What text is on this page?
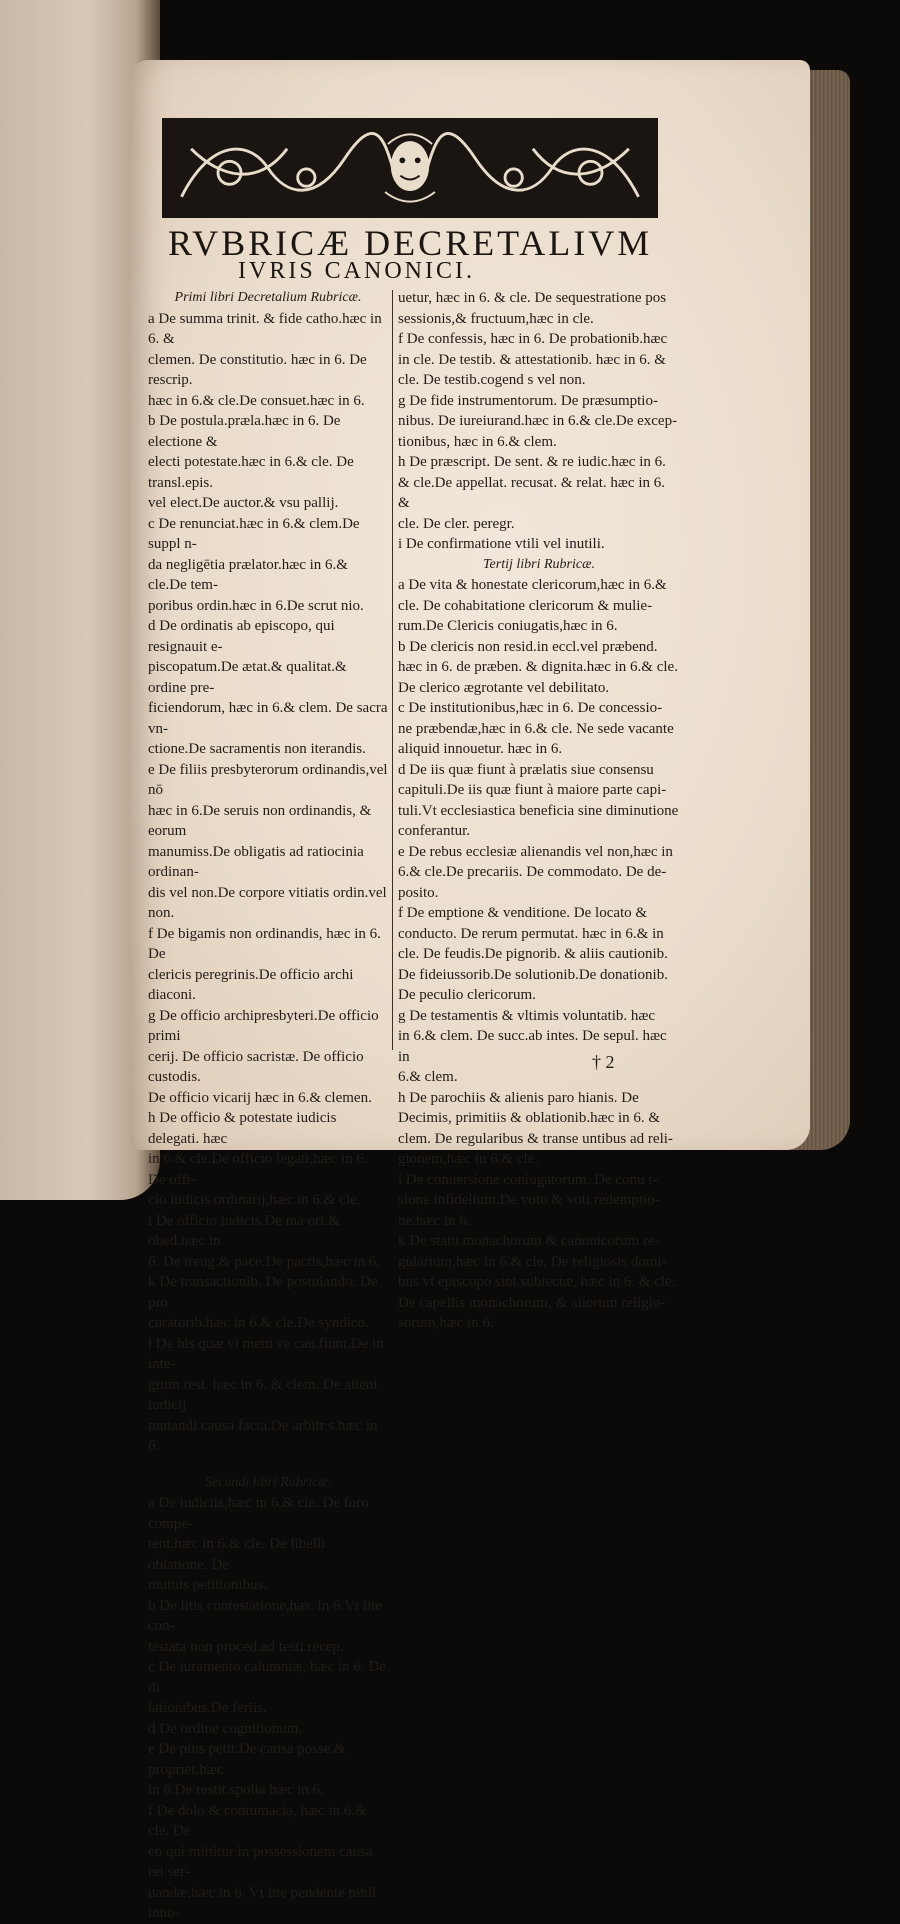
RVBRICÆ DECRETALIVM
IVRIS CANONICI.

Primi libri Decretalium Rubricæ.

a De summa trinit. & fide catho.hæc in 6. &

clemen. De constitutio. hæc in 6. De rescrip.

hæc in 6.& cle.De consuet.hæc in 6.

b De postula.præla.hæc in 6. De electione &

electi potestate.hæc in 6.& cle. De transl.epis.

vel elect.De auctor.& vsu pallij.

c De renunciat.hæc in 6.& clem.De suppl n-

da negligētia prælator.hæc in 6.& cle.De tem-

poribus ordin.hæc in 6.De scrut nio.

d De ordinatis ab episcopo, qui resignauit e-

piscopatum.De ætat.& qualitat.& ordine pre-

ficiendorum, hæc in 6.& clem. De sacra vn-

ctione.De sacramentis non iterandis.

e De filiis presbyterorum ordinandis,vel nō

hæc in 6.De seruis non ordinandis, & eorum

manumiss.De obligatis ad ratiocinia ordinan-

dis vel non.De corpore vitiatis ordin.vel non.

f De bigamis non ordinandis, hæc in 6. De

clericis peregrinis.De officio archi diaconi.

g De officio archipresbyteri.De officio primi

cerij. De officio sacristæ. De officio custodis.

De officio vicarij hæc in 6.& clemen.

h De officio & potestate iudicis delegati. hæc

in 6.& cle.De officio legati,hæc in 6. De offi-

cio iudicis ordinarij,hæc in 6.& cle.

i De officio iudicis.De ma ori.& obed.hæc in

6. De treug.& pace.De pactis,hæc in 6.

k De transactionib. De postulando. De pro

curatorib.hæc in 6.& cle.De syndico.

l De his quæ vi metu ve cau.fiunt.De in inte-

grum rest. hæc in 6. & clem. De alieni iudicij

mutandi causa facta.De arbitr s.hæc in 6.

Secundi libri Rubricæ.

a De iudiciis,hæc in 6.& cle. De foro compe-

tent.hæc in 6.& cle. De libelli oblatione. De

mutuis petitionibus.

b De litis contestatione,hæc in 6.Vt lite con-

testata non proced.ad testi.recep.

c De iuramento calumniæ, hæc in 6. De di

lationibus.De feriis.

d De ordine cognitionum.

e De plus petit.De causa posse.& propriet.hæc

in 6.De restit.spolia hæc in 6.

f De dolo & contumacia, hæc in 6.& cle. De

eo qui mittitur in possessionem causa rei ser-

uandæ,hæc in 6. Vt lite pendente nihil inno-

uetur, hæc in 6. & cle. De sequestratione pos

sessionis,& fructuum,hæc in cle.

f De confessis, hæc in 6. De probationib.hæc

in cle. De testib. & attestationib. hæc in 6. &

cle. De testib.cogend s vel non.

g De fide instrumentorum. De præsumptio-

nibus. De iureiurand.hæc in 6.& cle.De excep-

tionibus, hæc in 6.& clem.

h De præscript. De sent. & re iudic.hæc in 6.

& cle.De appellat. recusat. & relat. hæc in 6. &

cle. De cler. peregr.

i De confirmatione vtili vel inutili.

Tertij libri Rubricæ.

a De vita & honestate clericorum,hæc in 6.&

cle. De cohabitatione clericorum & mulie-

rum.De Clericis coniugatis,hæc in 6.

b De clericis non resid.in eccl.vel præbend.

hæc in 6. de præben. & dignita.hæc in 6.& cle.

De clerico ægrotante vel debilitato.

c De institutionibus,hæc in 6. De concessio-

ne præbendæ,hæc in 6.& cle. Ne sede vacante

aliquid innouetur. hæc in 6.

d De iis quæ fiunt à prælatis siue consensu

capituli.De iis quæ fiunt à maiore parte capi-

tuli.Vt ecclesiastica beneficia sine diminutione

conferantur.

e De rebus ecclesiæ alienandis vel non,hæc in

6.& cle.De precariis. De commodato. De de-

posito.

f De emptione & venditione. De locato &

conducto. De rerum permutat. hæc in 6.& in

cle. De feudis.De pignorib. & aliis cautionib.

De fideiussorib.De solutionib.De donationib.

De peculio clericorum.

g De testamentis & vltimis voluntatib. hæc

in 6.& clem. De succ.ab intes. De sepul. hæc in

6.& clem.

h De parochiis & alienis paro hianis. De

Decimis, primitiis & oblationib.hæc in 6. &

clem. De regularibus & transe untibus ad reli-

gionem,hæc in 6.& cle.

i De conuersione coniugatorum. De conu r-

sione infidelium.De voto & voti redemptio-

ne.hæc in 6.

k De statu monachorum & canonicorum re-

gularium,hæc in 6.& cle. De religiosis domi-

bus vt episcopo sint subiectæ, hæc in 6. & cle.

De capellis monachorum, & aliorum religio-

sorum,hæc in 6.

† 2
